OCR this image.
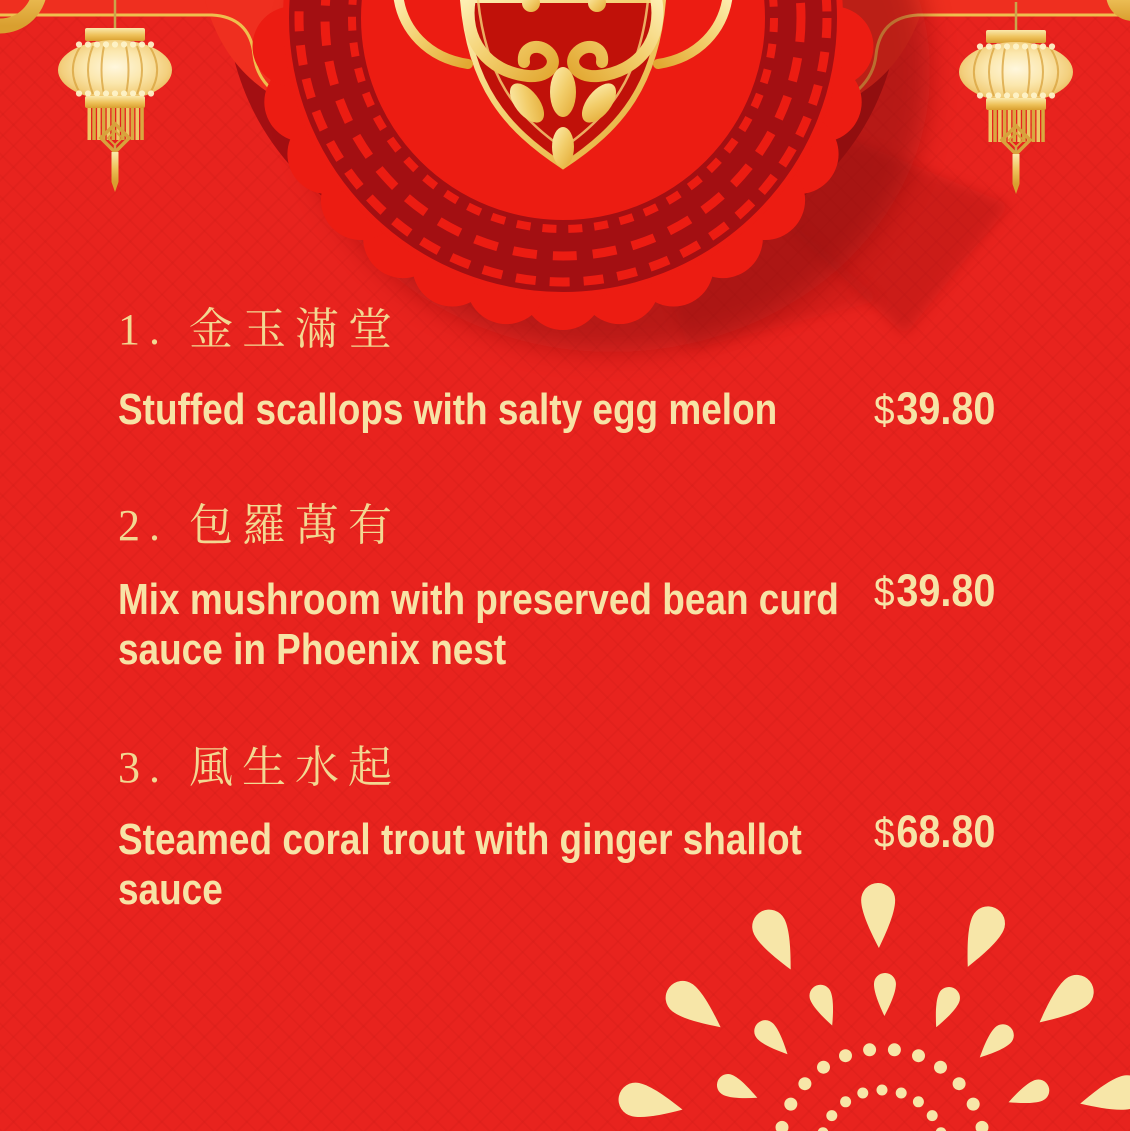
1. 金玉滿堂
Stuffed scallops with salty egg melon	$39.80
2. 包羅萬有
Mix mushroom with preserved bean curd
sauce in Phoenix nest
$39.80
3. 風生水起
Steamed coral trout with ginger shallot
sauce
$68.80
